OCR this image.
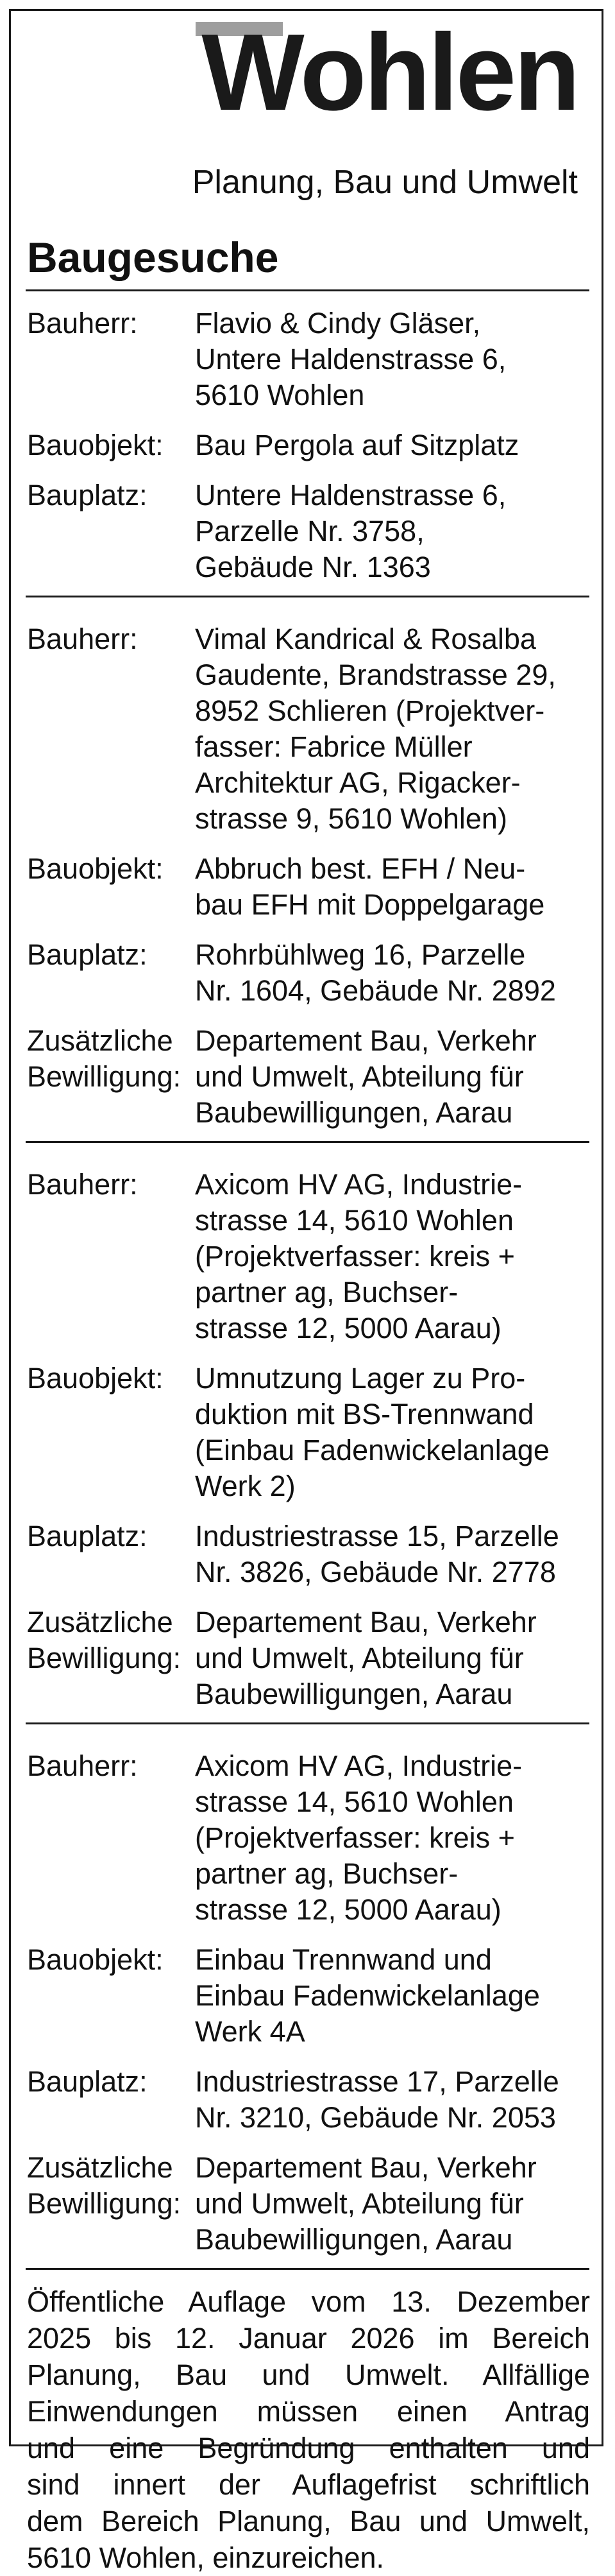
Wohlen
Planung, Bau und Umwelt
Baugesuche
Bauherr: Flavio & Cindy Gläser,
Untere Haldenstrasse 6,
5610 Wohlen
Bauobjekt: Bau Pergola auf Sitzplatz
Bauplatz: Untere Haldenstrasse 6,
Parzelle Nr. 3758,
Gebäude Nr. 1363
Bauherr: Vimal Kandrical & Rosalba
Gaudente, Brandstrasse 29,
8952 Schlieren (Projektver-
fasser: Fabrice Müller
Architektur AG, Rigacker-
strasse 9, 5610 Wohlen)
Bauobjekt: Abbruch best. EFH / Neu-
bau EFH mit Doppelgarage
Bauplatz: Rohrbühlweg 16, Parzelle
Nr. 1604, Gebäude Nr. 2892
Zusätzliche
Bewilligung:
Departement Bau, Verkehr
und Umwelt, Abteilung für
Baubewilligungen, Aarau
Bauherr: Axicom HV AG, Industrie-
strasse 14, 5610 Wohlen
(Projektverfasser: kreis +
partner ag, Buchser-
strasse 12, 5000 Aarau)
Bauobjekt: Umnutzung Lager zu Pro-
duktion mit BS-Trennwand
(Einbau Fadenwickelanlage
Werk 2)
Bauplatz: Industriestrasse 15, Parzelle
Nr. 3826, Gebäude Nr. 2778
Zusätzliche
Bewilligung:
Departement Bau, Verkehr
und Umwelt, Abteilung für
Baubewilligungen, Aarau
Bauherr: Axicom HV AG, Industrie-
strasse 14, 5610 Wohlen
(Projektverfasser: kreis +
partner ag, Buchser-
strasse 12, 5000 Aarau)
Bauobjekt: Einbau Trennwand und
Einbau Fadenwickelanlage
Werk 4A
Bauplatz: Industriestrasse 17, Parzelle
Nr. 3210, Gebäude Nr. 2053
Zusätzliche
Bewilligung:
Departement Bau, Verkehr
und Umwelt, Abteilung für
Baubewilligungen, Aarau
Öffentliche Auflage vom 13. Dezember
2025 bis 12. Januar 2026 im Bereich
Planung, Bau und Umwelt. Allfällige
Einwendungen müssen einen Antrag
und eine Begründung enthalten und
sind innert der Auflagefrist schriftlich
dem Bereich Planung, Bau und Umwelt,
5610 Wohlen, einzureichen.
